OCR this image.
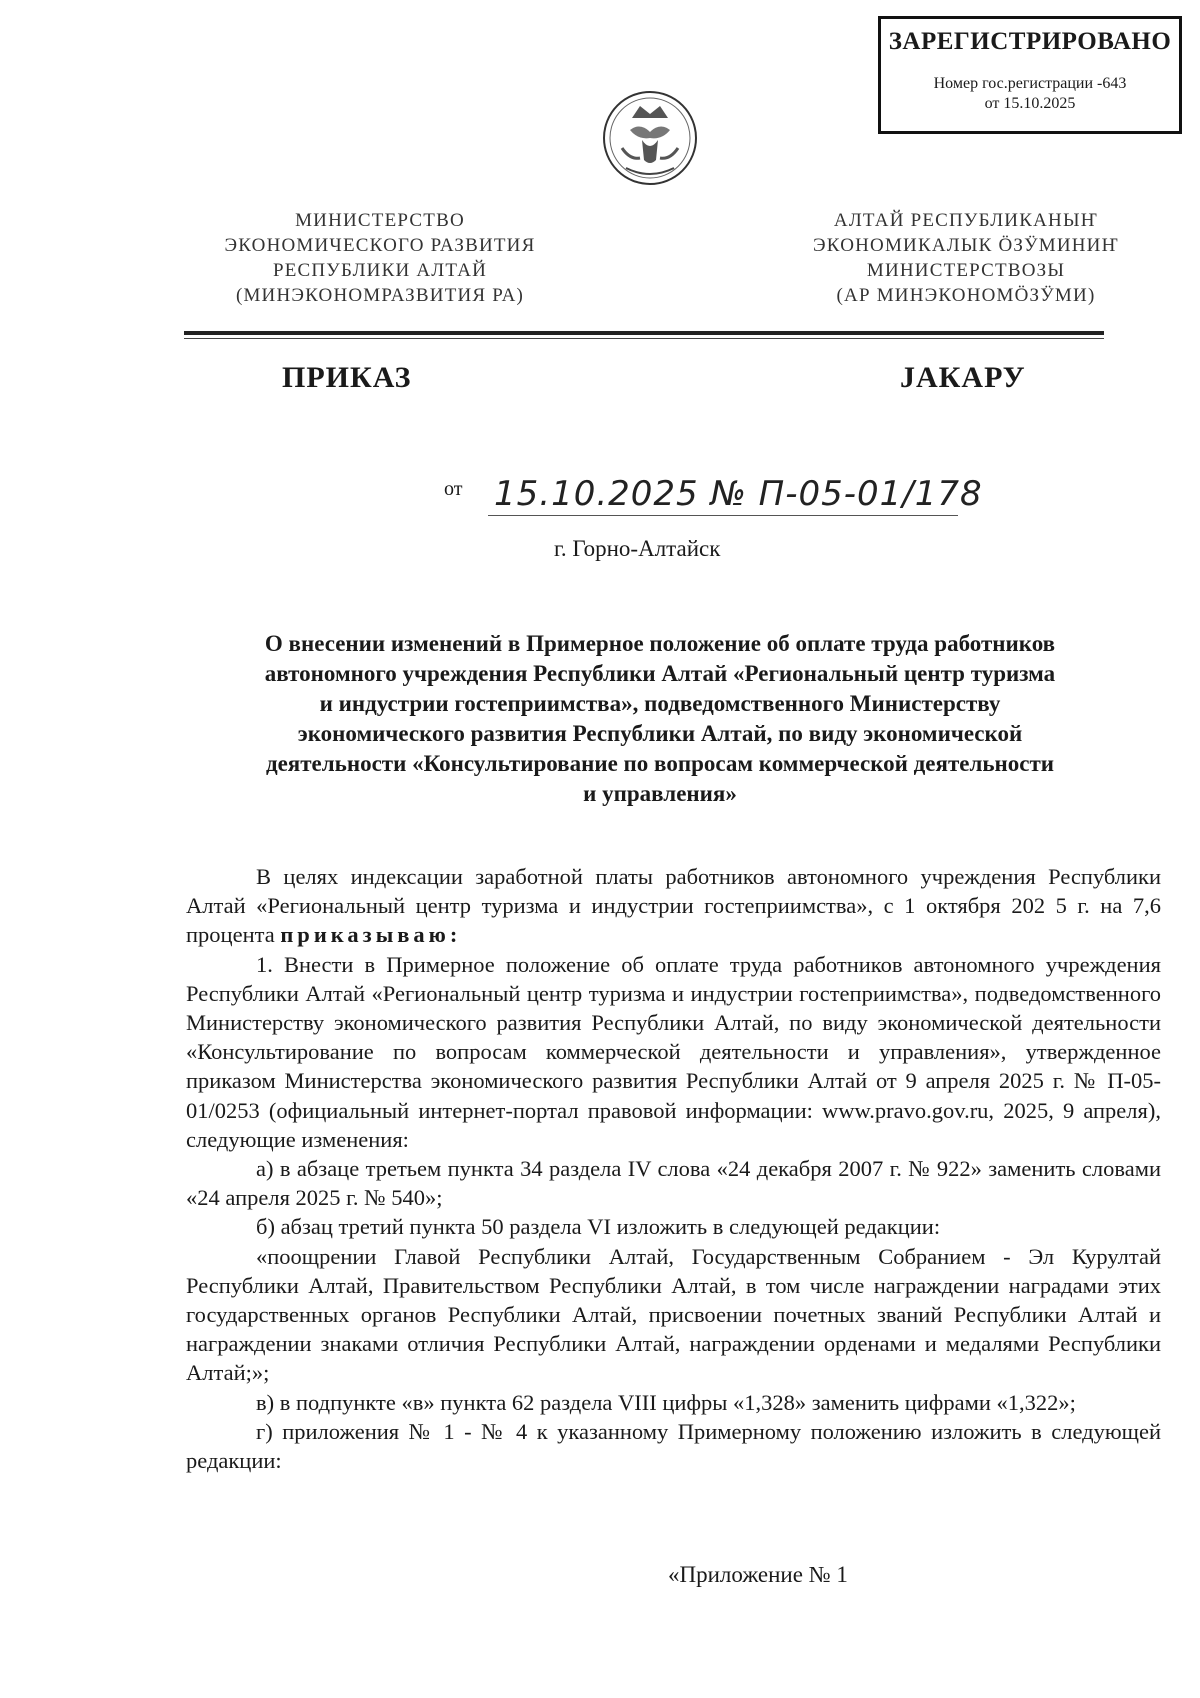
ЗАРЕГИСТРИРОВАНО
Номер гос.регистрации -643
от 15.10.2025
МИНИСТЕРСТВО
ЭКОНОМИЧЕСКОГО РАЗВИТИЯ
РЕСПУБЛИКИ АЛТАЙ
(МИНЭКОНОМРАЗВИТИЯ РА)
АЛТАЙ РЕСПУБЛИКАНЫҤ
ЭКОНОМИКАЛЫК ӦЗӰМИНИҤ
МИНИСТЕРСТВОЗЫ
(АР МИНЭКОНОМӦЗӰМИ)
ПРИКАЗ	JАКАРУ
от 15.10.2025 № П-05-01/178
г. Горно-Алтайск
О внесении изменений в Примерное положение об оплате труда работников
автономного учреждения Республики Алтай «Региональный центр туризма
и индустрии гостеприимства», подведомственного Министерству
экономического развития Республики Алтай, по виду экономической
деятельности «Консультирование по вопросам коммерческой деятельности
и управления»

В целях индексации заработной платы работников автономного учреждения Республики Алтай «Региональный центр туризма и индустрии гостеприимства», с 1 октября 202 5 г. на 7,6 процента приказываю:

1. Внести в Примерное положение об оплате труда работников автономного учреждения Республики Алтай «Региональный центр туризма и индустрии гостеприимства», подведомственного Министерству экономического развития Республики Алтай, по виду экономической деятельности «Консультирование по вопросам коммерческой деятельности и управления», утвержденное приказом Министерства экономического развития Республики Алтай от 9 апреля 2025 г. № П-05-01/0253 (официальный интернет-портал правовой информации: www.pravo.gov.ru, 2025, 9 апреля), следующие изменения:

а) в абзаце третьем пункта 34 раздела IV слова «24 декабря 2007 г. № 922» заменить словами «24 апреля 2025 г. № 540»;

б) абзац третий пункта 50 раздела VI изложить в следующей редакции:

«поощрении Главой Республики Алтай, Государственным Собранием - Эл Курултай Республики Алтай, Правительством Республики Алтай, в том числе награждении наградами этих государственных органов Республики Алтай, присвоении почетных званий Республики Алтай и награждении знаками отличия Республики Алтай, награждении орденами и медалями Республики Алтай;»;

в) в подпункте «в» пункта 62 раздела VIII цифры «1,328» заменить цифрами «1,322»;

г) приложения № 1 - № 4 к указанному Примерному положению изложить в следующей редакции:

«Приложение № 1
